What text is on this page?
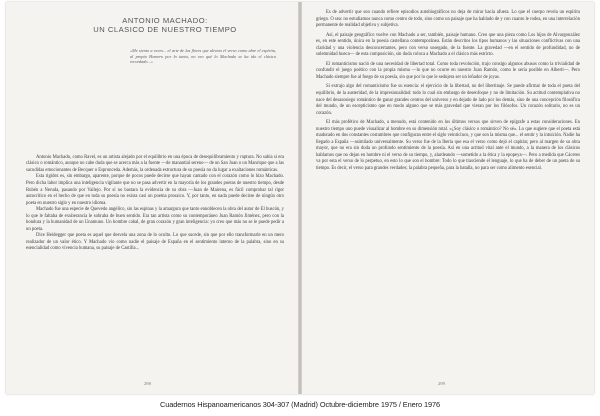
ANTONIO MACHADO:
UN CLASICO DE NUESTRO TIEMPO
«Me siento a veces... el arte de las flores que alivian el verso como abre el espíritu, al propio Homero por lo tanto, no veo qué lo Machado se ha ido el clásico recordado...»

Antonio Machado, como Ravel, es un artista alejado por el equilibrio en una época de desequilibramiento y ruptura. No sabía si era clásico o romántico, aunque no cabe duda que se acerca más a la fuente —de manantial sereno— de un San Juan o un Manrique que a las sacudidas emocionantes de Becquer o Espronceda. Además, la ordenada estructura de su poesía no da lugar a exaltaciones románticas.

Esta rigidez es, sin embargo, aparente, porque de pocos puede decirse que hayan cantado con el corazón como lo hizo Machado. Pero dicha labor implica una inteligencia vigilante que no se pasa advertir en la mayoría de los grandes poetas de nuestro tiempo, desde Rubén a Neruda, pasando por Vallejo. Por sí no bastara la evidencia de su obra —Juan de Mairena, es fácil comprobar tal rigor autocrítico en el hecho de que en toda su poesía no exista casi un poema prosaico. Y, por tanto, en nada puede decirse de ningún otro poeta en nuestro siglo y en nuestro idioma.

Machado fue una especie de Quevedo angélico, sin las espinas y la amargura que tanto ennoblecen la obra del autor de El buscón, y lo que le faltaba de exuberancia le sobraba de buen sentido. Era tan artista como su contemporáneo Juan Ramón Jiménez, pero con la hondura y la humanidad de un Unamuno. Un hombre cabal, de gran corazón y gran inteligencia: yo creo que más no se le puede pedir a un poeta.

Dice Heidegger que poeta es aquel que desvela una zona de lo oculto. Lo que sucede, sin que por ello transformarle en un mero realizador de un valor ético. Y Machado vio como nadie el paisaje de España en el sentimiento interno de la palabra, sino en su esencialidad como vivencia humana, su paisaje de Castilla...

298

Es de advertir que son cuando refiere episodios autobiográficos no deja de mirar hacia afuera. Lo que el cuerpo revela un espíritu griego. O sea: no estudiamos nunca como centro de todo, sino como un paisaje que ha hablado de y con cuanto le rodea, en una interrelación permanente de realidad objetiva y subjetiva.

Así, el paisaje geográfico vuelve con Machado a ser, también, paisaje humano. Creo que una pieza como Los hijos de Alvargonzález es, en este sentido, única en la poesía castellana contemporánea. Están descritos los tipos humanos y las situaciones conflictivas con una claridad y una violencia desconcertantes, pero con verso sosegado, de la fuente. La gravedad —en el sentido de profundidad, no de solemnidad hueca— de esta composición, sin duda coloca a Machado a el clásico más estricto.

El romanticismo nació de una necesidad de libertad total. Como toda revolución, trajo consigo algunos abusos como la trivialidad de confundir el juego poético con la propia misma —lo que no ocurre en nuestro Juan Ramón, como le sería posible en Alberti—. Pero Machado siempre fue al fuego de su poesía, sin que por lo que le sedujera ser un leñador de joyas.

Si extrajo algo del romanticismo fue su esencia: el ejercicio de la libertad, no del libertinaje. Se puede afirmar de toda el poeta del equilibrio, de la austeridad, de la impresionalidad: todo lo cual sin embargo de desenfoque y no de limitación. Su actitud contemplativa no nace del desasosiego romántico de ganar grandes centros del universo y en dejado de lado por los demás, sino de una concepción filosófica del mundo, de un escepticismo que en modo alguno que se más gravedad que vieran por los filósofos. Un corazón solitario, no es un corazón.

El más profético de Machado, a menudo, está contenido en los últimos versos que sirven de epígrafe a estas consideraciones. En nuestro tiempo uno puede visualizar al hombre en su dimensión total. «¿Soy clásico o romántico? No sé». Lo que sugiere que el poeta está madurado en dos constantes costumbres que configuran entre el siglo veinticinco, y que son la misma que... el sentir y la intuición. Nadie ha llegado a España —asimilado universalmente. Su verso fue de la Iberia que esa el verso como dejó el capitán; pero al margen de su obra mayor, que no era sin duda un profundo sentimiento de la poesía. Así en una actitud vital ante el mundo, a la manera de los clásicos hablamos que no dejan en hombre ni el verso de su tiempo, y, alardeando —sometido a la ética y la epopeya—. Pero a medida que Cáceres va por esta el verso de lo perpetuo, en esto lo que son el hombre: Todo lo que trasciende el lenguaje, lo que ha de deber de un poeta de su tiempo. Es decir, el verso para grandes verdades; la palabra pequeña, para la batalla, no para ser como alimento esencial.

299
Cuadernos Hispanoamericanos 304-307 (Madrid) Octubre-diciembre 1975 / Enero 1976
